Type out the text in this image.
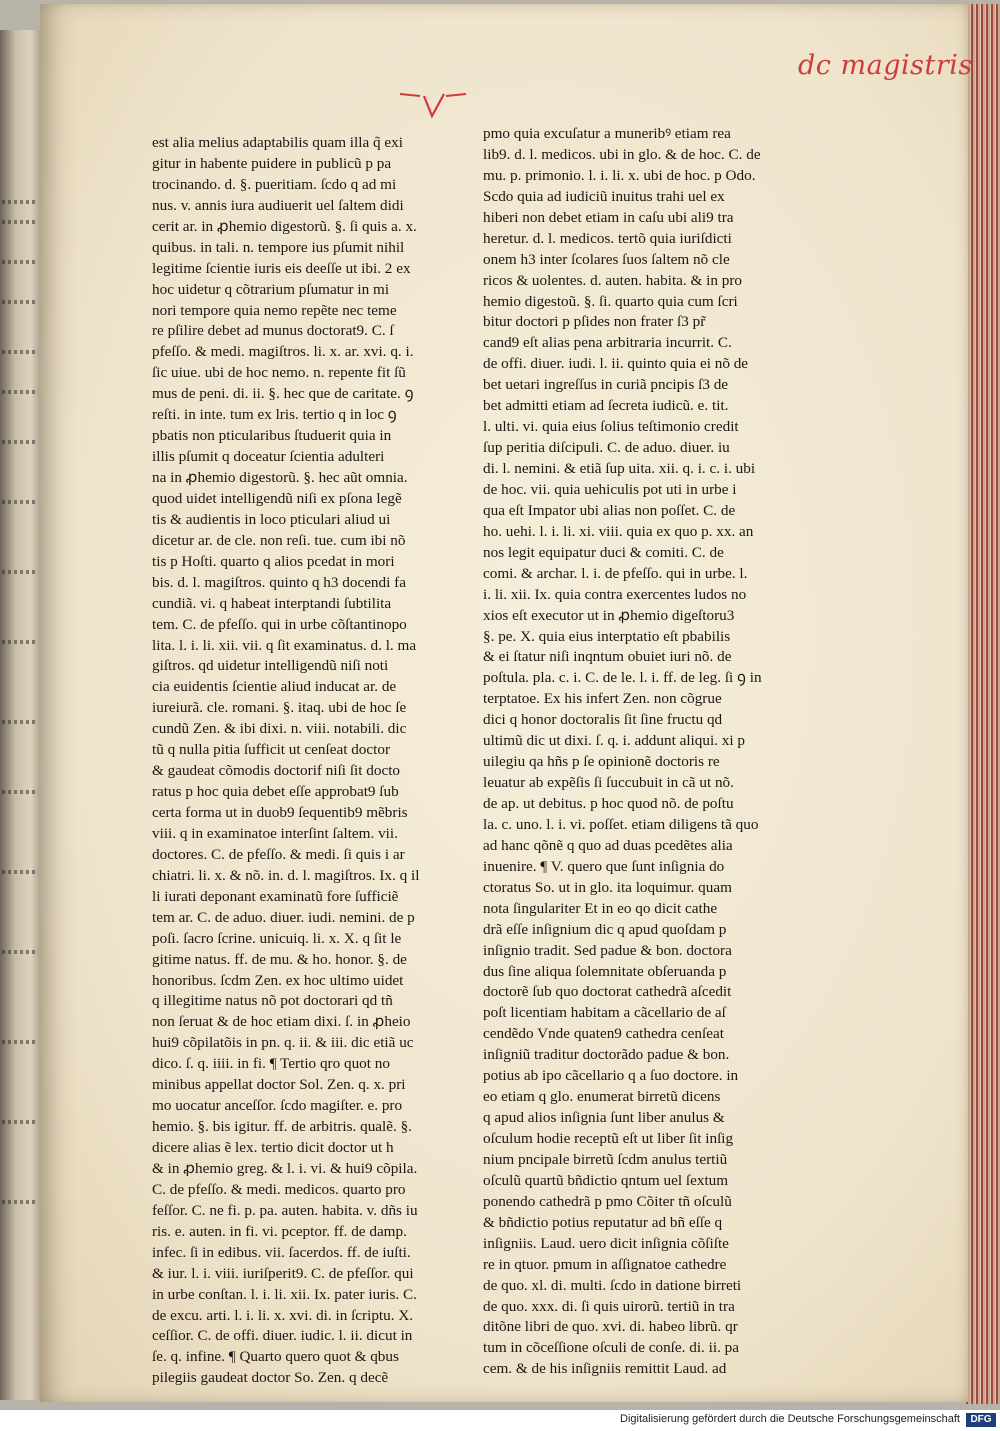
dc magistris
v
est alia melius adaptabilis quam illa q̃ exi
gitur in habente puidere in publicũ p pa
trocinando. d. §. pueritiam. ſcdo q ad mi
nus. v. annis iura audiuerit uel ſaltem didi
cerit ar. in ꝓhemio digestorũ. §. ſi quis a. x.
quibus. in tali. n. tempore ius pſumit nihil
legitime ſcientie iuris eis deeſſe ut ibi. 2 ex
hoc uidetur q cõtrarium pſumatur in mi
nori tempore quia nemo repẽte nec teme
re pſilire debet ad munus doctorat9. C. ſ
pfeſſo. & medi. magiſtros. li. x. ar. xvi. q. i.
ſic uiue. ubi de hoc nemo. n. repente fit ſũ
mus de peni. di. ii. §. hec que de caritate. ꝯ
reſti. in inte. tum ex lris. tertio q in loc ꝯ
pbatis non pticularibus ſtuduerit quia in
illis pſumit q doceatur ſcientia adulteri
na in ꝓhemio digestorũ. §. hec aũt omnia.
quod uidet intelligendũ niſi ex pſona legẽ
tis & audientis in loco pticulari aliud ui
dicetur ar. de cle. non reſi. tue. cum ibi nõ
tis p Hoſti. quarto q alios pcedat in mori
bis. d. l. magiſtros. quinto q h3 docendi fa
cundiã. vi. q habeat interptandi ſubtilita
tem. C. de pfeſſo. qui in urbe cõſtantinopo
lita. l. i. li. xii. vii. q ſit examinatus. d. l. ma
giſtros. qd uidetur intelligendũ niſi noti
cia euidentis ſcientie aliud inducat ar. de
iureiurã. cle. romani. §. itaq. ubi de hoc ſe
cundũ Zen. & ibi dixi. n. viii. notabili. dic
tũ q nulla pitia ſufficit ut cenſeat doctor
& gaudeat cõmodis doctorif niſi ſit docto
ratus p hoc quia debet eſſe approbat9 ſub
certa forma ut in duob9 ſequentib9 mẽbris
viii. q in examinatoe interſint ſaltem. vii.
doctores. C. de pfeſſo. & medi. ſi quis i ar
chiatri. li. x. & nõ. in. d. l. magiſtros. Ix. q il
li iurati deponant examinatũ fore ſufficiẽ
tem ar. C. de aduo. diuer. iudi. nemini. de p
poſi. ſacro ſcrine. unicuiq. li. x. X. q ſit le
gitime natus. ff. de mu. & ho. honor. §. de
honoribus. ſcdm Zen. ex hoc ultimo uidet
q illegitime natus nõ pot doctorari qd tñ
non ſeruat & de hoc etiam dixi. ſ. in ꝓheio
hui9 cõpilatõis in pn. q. ii. & iii. dic etiã uc
dico. ſ. q. iiii. in fi. ¶ Tertio qro quot no
minibus appellat doctor Sol. Zen. q. x. pri
mo uocatur anceſſor. ſcdo magiſter. e. pro
hemio. §. bis igitur. ff. de arbitris. qualẽ. §.
dicere alias ẽ lex. tertio dicit doctor ut h
& in ꝓhemio greg. & l. i. vi. & hui9 cõpila.
C. de pfeſſo. & medi. medicos. quarto pro
feſſor. C. ne fi. p. pa. auten. habita. v. dñs iu
ris. e. auten. in fi. vi. pceptor. ff. de damp.
infec. ſi in edibus. vii. ſacerdos. ff. de iuſti.
& iur. l. i. viii. iuriſperit9. C. de pfeſſor. qui
in urbe conſtan. l. i. li. xii. Ix. pater iuris. C.
de excu. arti. l. i. li. x. xvi. di. in ſcriptu. X.
ceſſior. C. de offi. diuer. iudic. l. ii. dicut in
ſe. q. infine. ¶ Quarto quero quot & qbus
pilegiis gaudeat doctor So. Zen. q decẽ
pmo quia excuſatur a muneribꝰ etiam rea
lib9. d. l. medicos. ubi in glo. & de hoc. C. de
mu. p. primonio. l. i. li. x. ubi de hoc. p Odo.
Scdo quia ad iudiciũ inuitus trahi uel ex
hiberi non debet etiam in caſu ubi ali9 tra
heretur. d. l. medicos. tertõ quia iuriſdicti
onem h3 inter ſcolares ſuos ſaltem nõ cle
ricos & uolentes. d. auten. habita. & in pro
hemio digestoũ. §. ſi. quarto quia cum ſcri
bitur doctori p pſides non frater ſ3 pr̃
cand9 eſt alias pena arbitraria incurrit. C.
de offi. diuer. iudi. l. ii. quinto quia ei nõ de
bet uetari ingreſſus in curiã pncipis ſ3 de
bet admitti etiam ad ſecreta iudicũ. e. tit.
l. ulti. vi. quia eius ſolius teſtimonio credit
ſup peritia diſcipuli. C. de aduo. diuer. iu
di. l. nemini. & etiã ſup uita. xii. q. i. c. i. ubi
de hoc. vii. quia uehiculis pot uti in urbe i
qua eſt Impator ubi alias non poſſet. C. de
ho. uehi. l. i. li. xi. viii. quia ex quo p. xx. an
nos legit equipatur duci & comiti. C. de
comi. & archar. l. i. de pfeſſo. qui in urbe. l.
i. li. xii. Ix. quia contra exercentes ludos no
xios eſt executor ut in ꝓhemio digeſtoru3
§. pe. X. quia eius interptatio eſt pbabilis
& ei ſtatur niſi inqntum obuiet iuri nõ. de
poſtula. pla. c. i. C. de le. l. i. ff. de leg. ſi ꝯ in
terptatoe. Ex his infert Zen. non cõgrue
dici q honor doctoralis ſit ſine fructu qd
ultimũ dic ut dixi. ſ. q. i. addunt aliqui. xi p
uilegiu qa hñs p ſe opinionẽ doctoris re
leuatur ab expẽſis ſi ſuccubuit in cã ut nõ.
de ap. ut debitus. p hoc quod nõ. de poſtu
la. c. uno. l. i. vi. poſſet. etiam diligens tã quo
ad hanc qõnẽ q quo ad duas pcedẽtes alia
inuenire. ¶ V. quero que ſunt inſignia do
ctoratus So. ut in glo. ita loquimur. quam
nota ſingulariter Et in eo qo dicit cathe
drã eſſe inſignium dic q apud quoſdam p
inſignio tradit. Sed padue & bon. doctora
dus ſine aliqua ſolemnitate obſeruanda p
doctorẽ ſub quo doctorat cathedrã aſcedit
poſt licentiam habitam a cãcellario de aſ
cendẽdo Vnde quaten9 cathedra cenſeat
inſigniũ traditur doctorãdo padue & bon.
potius ab ipo cãcellario q a ſuo doctore. in
eo etiam q glo. enumerat birretũ dicens
q apud alios inſignia ſunt liber anulus &
oſculum hodie receptũ eſt ut liber ſit inſig
nium pncipale birretũ ſcdm anulus tertiũ
oſculũ quartũ bñdictio qntum uel ſextum
ponendo cathedrã p pmo Cõiter tñ oſculũ
& bñdictio potius reputatur ad bñ eſſe q
inſigniis. Laud. uero dicit inſignia cõſiſte
re in qtuor. pmum in aſſignatoe cathedre
de quo. xl. di. multi. ſcdo in datione birreti
de quo. xxx. di. ſi quis uirorũ. tertiũ in tra
ditõne libri de quo. xvi. di. habeo librũ. qr
tum in cõceſſione oſculi de conſe. di. ii. pa
cem. & de his inſigniis remittit Laud. ad
Digitalisierung gefördert durch die Deutsche Forschungsgemeinschaft	DFG
